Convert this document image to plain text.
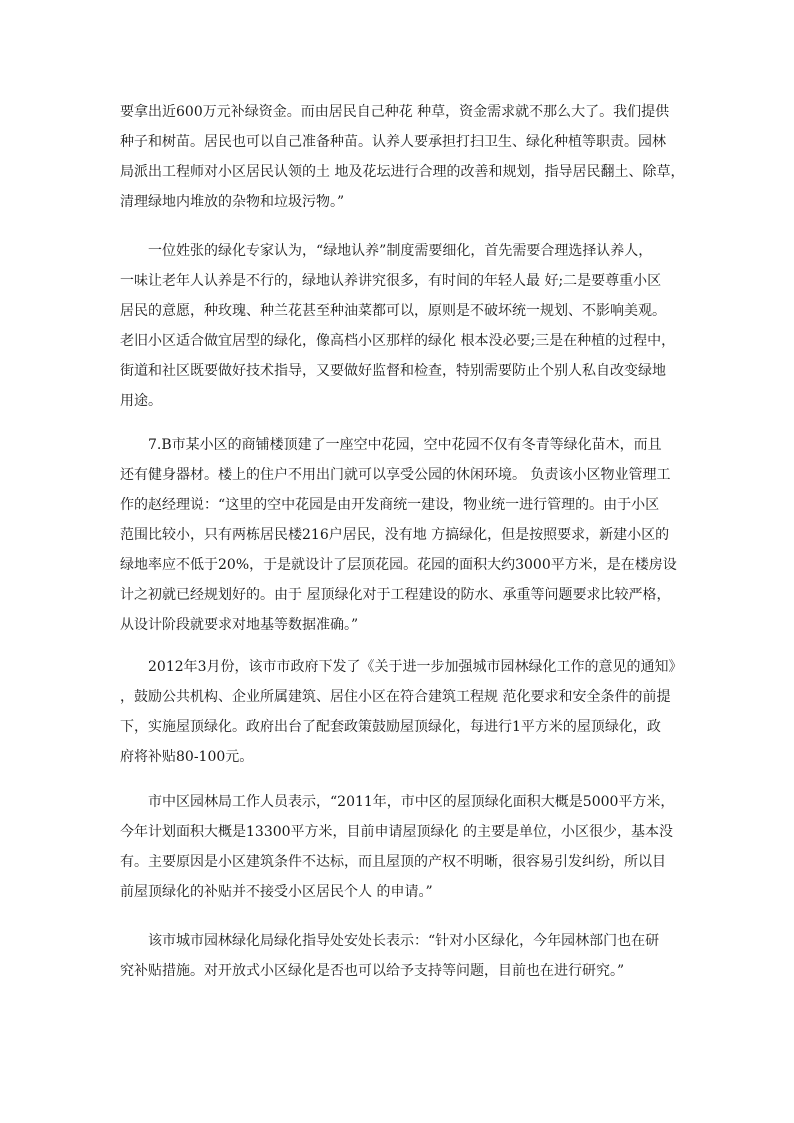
要拿出近600万元补绿资金。而由居民自己种花 种草，资金需求就不那么大了。我们提供
种子和树苗。居民也可以自己准备种苗。认养人要承担打扫卫生、绿化种植等职责。园林
局派出工程师对小区居民认领的土 地及花坛进行合理的改善和规划，指导居民翻土、除草，
清理绿地内堆放的杂物和垃圾污物。”
　　一位姓张的绿化专家认为，“绿地认养”制度需要细化，首先需要合理选择认养人，
一味让老年人认养是不行的，绿地认养讲究很多，有时间的年轻人最 好;二是要尊重小区
居民的意愿，种玫瑰、种兰花甚至种油菜都可以，原则是不破坏统一规划、不影响美观。
老旧小区适合做宜居型的绿化，像高档小区那样的绿化 根本没必要;三是在种植的过程中，
街道和社区既要做好技术指导，又要做好监督和检查，特别需要防止个别人私自改变绿地
用途。
　　7.B市某小区的商铺楼顶建了一座空中花园，空中花园不仅有冬青等绿化苗木，而且
还有健身器材。楼上的住户不用出门就可以享受公园的休闲环境。 负责该小区物业管理工
作的赵经理说：“这里的空中花园是由开发商统一建设，物业统一进行管理的。由于小区
范围比较小，只有两栋居民楼216户居民，没有地 方搞绿化，但是按照要求，新建小区的
绿地率应不低于20%，于是就设计了层顶花园。花园的面积大约3000平方米，是在楼房设
计之初就已经规划好的。由于 屋顶绿化对于工程建设的防水、承重等问题要求比较严格，
从设计阶段就要求对地基等数据准确。”
　　2012年3月份，该市市政府下发了《关于进一步加强城市园林绿化工作的意见的通知》
，鼓励公共机构、企业所属建筑、居住小区在符合建筑工程规 范化要求和安全条件的前提
下，实施屋顶绿化。政府出台了配套政策鼓励屋顶绿化，每进行1平方米的屋顶绿化，政
府将补贴80-100元。
　　市中区园林局工作人员表示，“2011年，市中区的屋顶绿化面积大概是5000平方米，
今年计划面积大概是13300平方米，目前申请屋顶绿化 的主要是单位，小区很少，基本没
有。主要原因是小区建筑条件不达标，而且屋顶的产权不明晰，很容易引发纠纷，所以目
前屋顶绿化的补贴并不接受小区居民个人 的申请。”
　　该市城市园林绿化局绿化指导处安处长表示：“针对小区绿化，今年园林部门也在研
究补贴措施。对开放式小区绿化是否也可以给予支持等问题，目前也在进行研究。”
